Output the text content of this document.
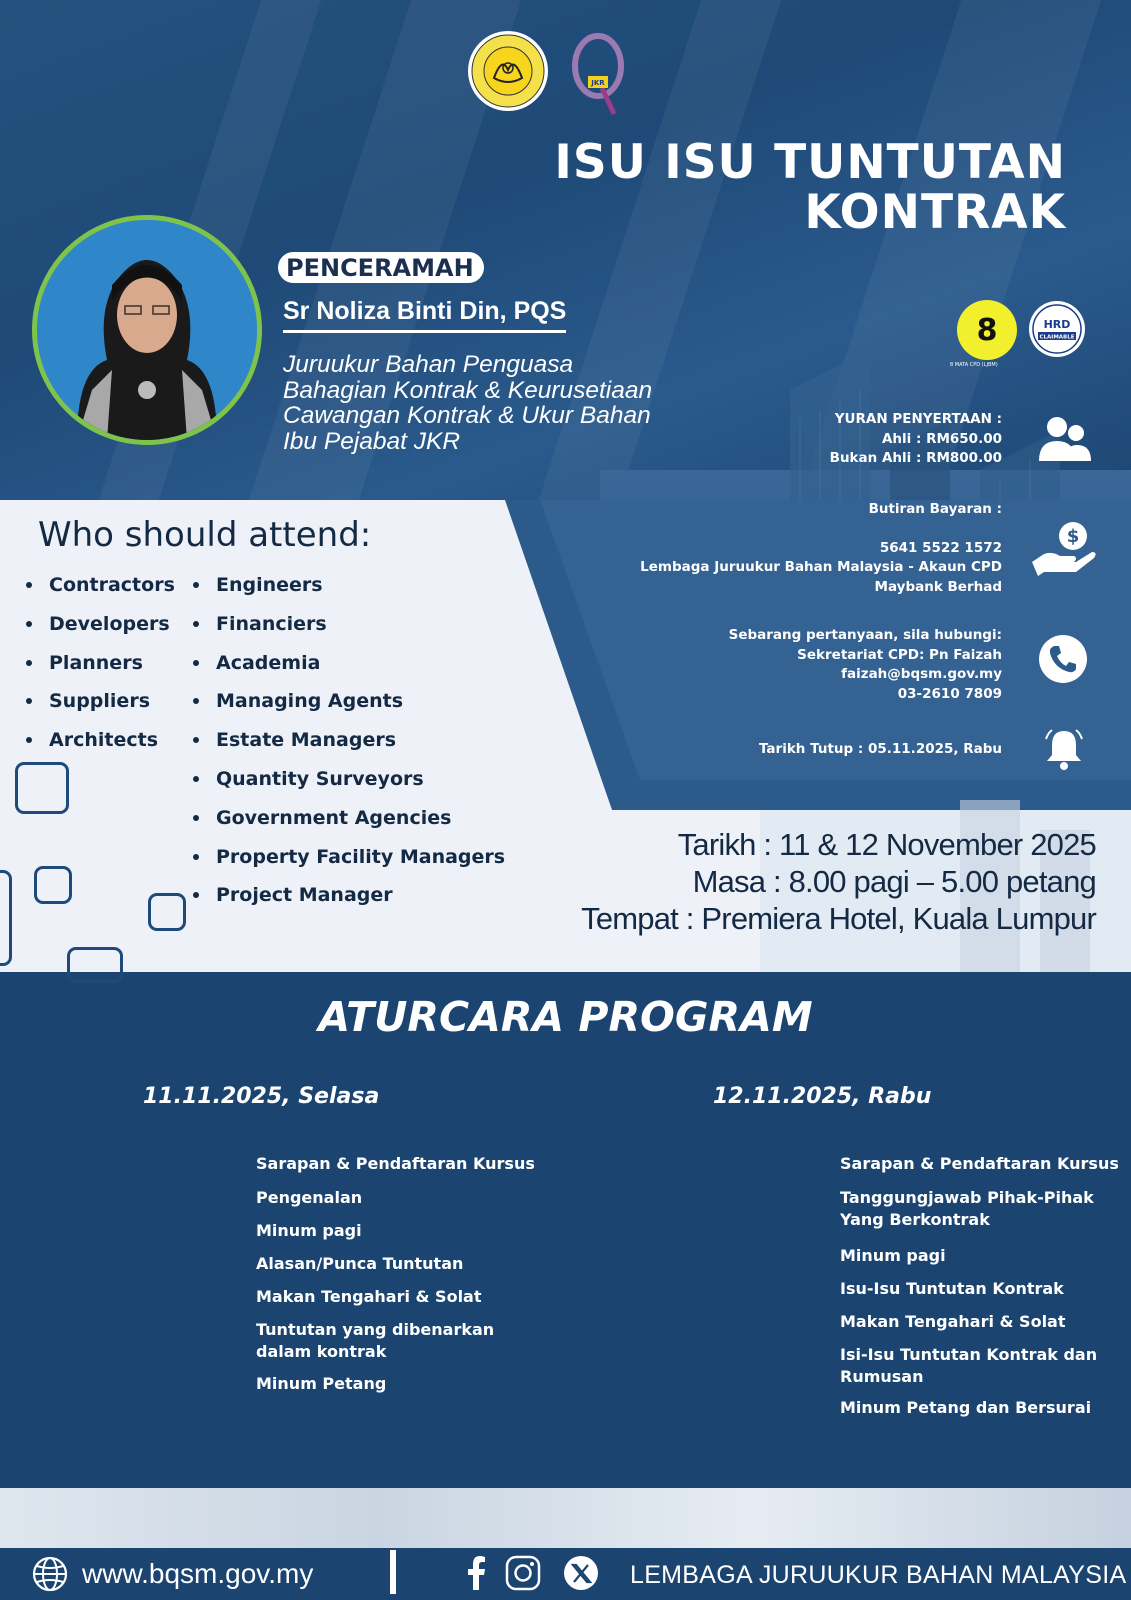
JKR
ISU ISU TUNTUTAN
KONTRAK
PENCERAMAH
Sr Noliza Binti Din, PQS
Juruukur Bahan Penguasa
Bahagian Kontrak & Keurusetiaan
Cawangan Kontrak & Ukur Bahan
Ibu Pejabat JKR
8
8 MATA CPD (LJBM)
HRD
CLAIMABLE
YURAN PENYERTAAN :
Ahli : RM650.00
Bukan Ahli : RM800.00
Butiran Bayaran :
5641 5522 1572
Lembaga Juruukur Bahan Malaysia - Akaun CPD
Maybank Berhad
$
Sebarang pertanyaan, sila hubungi:
Sekretariat CPD: Pn Faizah
faizah@bqsm.gov.my
03-2610 7809
Tarikh Tutup : 05.11.2025, Rabu
Who should attend:
Contractors
Developers
Planners
Suppliers
Architects
Engineers
Financiers
Academia
Managing Agents
Estate Managers
Quantity Surveyors
Government Agencies
Property Facility Managers
Project Manager
Tarikh : 11 & 12 November 2025
Masa : 8.00 pagi – 5.00 petang
Tempat : Premiera Hotel, Kuala Lumpur
ATURCARA PROGRAM
11.11.2025, Selasa	12.11.2025, Rabu
Sarapan & Pendaftaran Kursus
Pengenalan
Minum pagi
Alasan/Punca Tuntutan
Makan Tengahari & Solat
Tuntutan yang dibenarkan dalam kontrak
Minum Petang
Sarapan & Pendaftaran Kursus
Tanggungjawab Pihak-Pihak Yang Berkontrak
Minum pagi
Isu-Isu Tuntutan Kontrak
Makan Tengahari & Solat
Isi-Isu Tuntutan Kontrak dan Rumusan
Minum Petang dan Bersurai
www.bqsm.gov.my	LEMBAGA JURUUKUR BAHAN MALAYSIA
